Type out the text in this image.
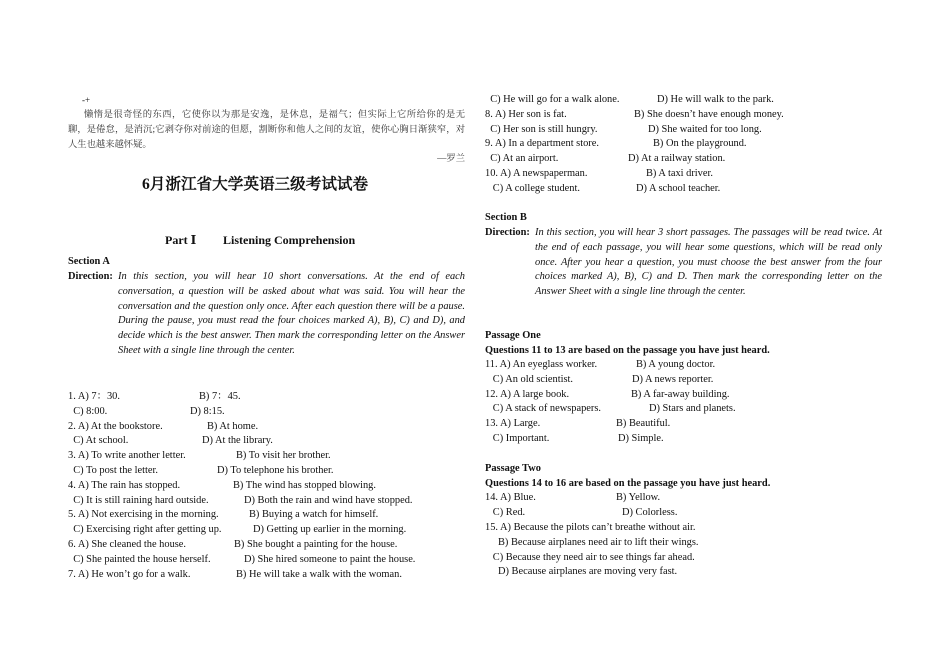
-+
懒惰是很奇怪的东西，它使你以为那是安逸，是休息，是福气；但实际上它所给你的是无聊，是倦怠，是消沉;它剥夺你对前途的但愿，割断你和他人之间的友谊，使你心胸日渐狭窄，对人生也越来越怀疑。
—罗兰
6月浙江省大学英语三级考试试卷
Part Ⅰ Listening Comprehension
Section A
Direction: In this section, you will hear 10 short conversations. At the end of each conversation, a question will be asked about what was said. You will hear the conversation and the question only once. After each question there will be a pause. During the pause, you must read the four choices marked A), B), C) and D), and decide which is the best answer. Then mark the corresponding letter on the Answer Sheet with a single line through the center.
1. A) 7：30.	B) 7：45.
C) 8:00.	D) 8:15.
2. A) At the bookstore.	B) At home.
C) At school.	D) At the library.
3. A) To write another letter.	B) To visit her brother.
C) To post the letter.	D) To telephone his brother.
4. A) The rain has stopped.	B) The wind has stopped blowing.
C) It is still raining hard outside.	D) Both the rain and wind have stopped.
5. A) Not exercising in the morning.	B) Buying a watch for himself.
C) Exercising right after getting up.	D) Getting up earlier in the morning.
6. A) She cleaned the house.	B) She bought a painting for the house.
C) She painted the house herself.	D) She hired someone to paint the house.
7. A) He won’t go for a walk.	B) He will take a walk with the woman.
C) He will go for a walk alone.	D) He will walk to the park.
8. A) Her son is fat.	B) She doesn’t have enough money.
C) Her son is still hungry.	D) She waited for too long.
9. A) In a department store.	B) On the playground.
C) At an airport.	D) At a railway station.
10. A) A newspaperman.	B) A taxi driver.
C) A college student.	D) A school teacher.
Section B
Direction: In this section, you will hear 3 short passages. The passages will be read twice. At the end of each passage, you will hear some questions, which will be read only once. After you hear a question, you must choose the best answer from the four choices marked A), B), C) and D. Then mark the corresponding letter on the Answer Sheet with a single line through the center.
Passage One
Questions 11 to 13 are based on the passage you have just heard.
11. A) An eyeglass worker.	B) A young doctor.
C) An old scientist.	D) A news reporter.
12. A) A large book.	B) A far-away building.
C) A stack of newspapers.	D) Stars and planets.
13. A) Large.	B) Beautiful.
C) Important.	D) Simple.
Passage Two
Questions 14 to 16 are based on the passage you have just heard.
14. A) Blue.	B) Yellow.
C) Red.	D) Colorless.
15. A) Because the pilots can’t breathe without air.
B) Because airplanes need air to lift their wings.
C) Because they need air to see things far ahead.
D) Because airplanes are moving very fast.
